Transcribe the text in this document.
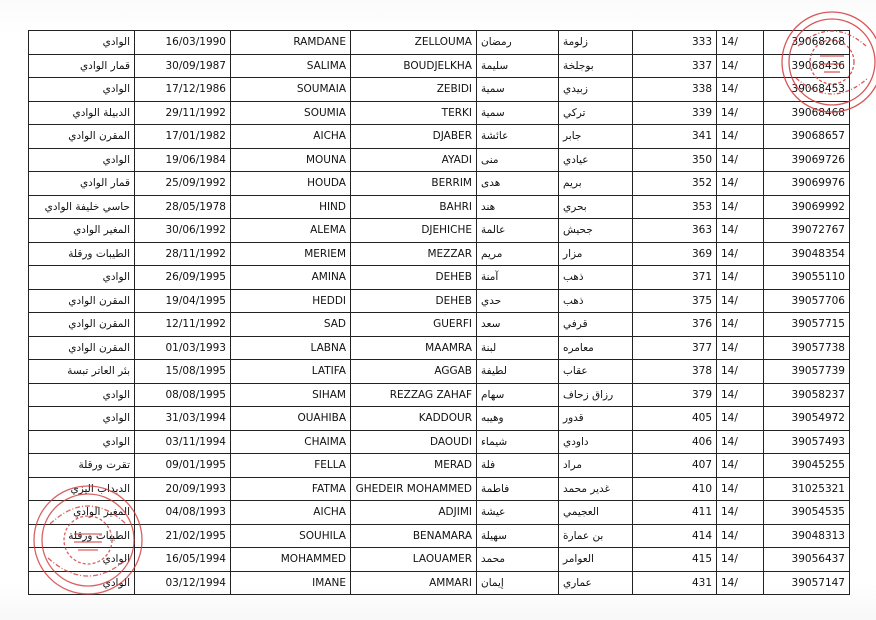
الوادي	16/03/1990	RAMDANE	ZELLOUMA	رمضان	زلومة	333	14/	39068268
قمار الوادي	30/09/1987	SALIMA	BOUDJELKHA	سليمة	بوجلخة	337	14/	39068436
الوادي	17/12/1986	SOUMAIA	ZEBIDI	سمية	زبيدي	338	14/	39068453
الدبيلة الوادي	29/11/1992	SOUMIA	TERKI	سمية	تركي	339	14/	39068468
المقرن الوادي	17/01/1982	AICHA	DJABER	عائشة	جابر	341	14/	39068657
الوادي	19/06/1984	MOUNA	AYADI	منى	عيادي	350	14/	39069726
قمار الوادي	25/09/1992	HOUDA	BERRIM	هدى	بريم	352	14/	39069976
حاسي خليفة الوادي	28/05/1978	HIND	BAHRI	هند	بحري	353	14/	39069992
المغير الوادي	30/06/1992	ALEMA	DJEHICHE	عالمة	جحيش	363	14/	39072767
الطيبات ورقلة	28/11/1992	MERIEM	MEZZAR	مريم	مزار	369	14/	39048354
الوادي	26/09/1995	AMINA	DEHEB	آمنة	ذهب	371	14/	39055110
المقرن الوادي	19/04/1995	HEDDI	DEHEB	حدي	ذهب	375	14/	39057706
المقرن الوادي	12/11/1992	SAD	GUERFI	سعد	قرفي	376	14/	39057715
المقرن الوادي	01/03/1993	LABNA	MAAMRA	لبنة	معامره	377	14/	39057738
بئر العاتر تبسة	15/08/1995	LATIFA	AGGAB	لطيفة	عقاب	378	14/	39057739
الوادي	08/08/1995	SIHAM	REZZAG ZAHAF	سهام	رزاق زحاف	379	14/	39058237
الوادي	31/03/1994	OUAHIBA	KADDOUR	وهيبه	قدور	405	14/	39054972
الوادي	03/11/1994	CHAIMA	DAOUDI	شيماء	داودي	406	14/	39057493
تقرت ورقلة	09/01/1995	FELLA	MERAD	فلة	مراد	407	14/	39045255
الدبداب اليزي	20/09/1993	FATMA	GHEDEIR MOHAMMED	فاطمة	غدير محمد	410	14/	31025321
المغير الوادي	04/08/1993	AICHA	ADJIMI	عيشة	العجيمي	411	14/	39054535
الطيبات ورقلة	21/02/1995	SOUHILA	BENAMARA	سهيلة	بن عمارة	414	14/	39048313
الوادي	16/05/1994	MOHAMMED	LAOUAMER	محمد	العوامر	415	14/	39056437
الوادي	03/12/1994	IMANE	AMMARI	إيمان	عماري	431	14/	39057147
